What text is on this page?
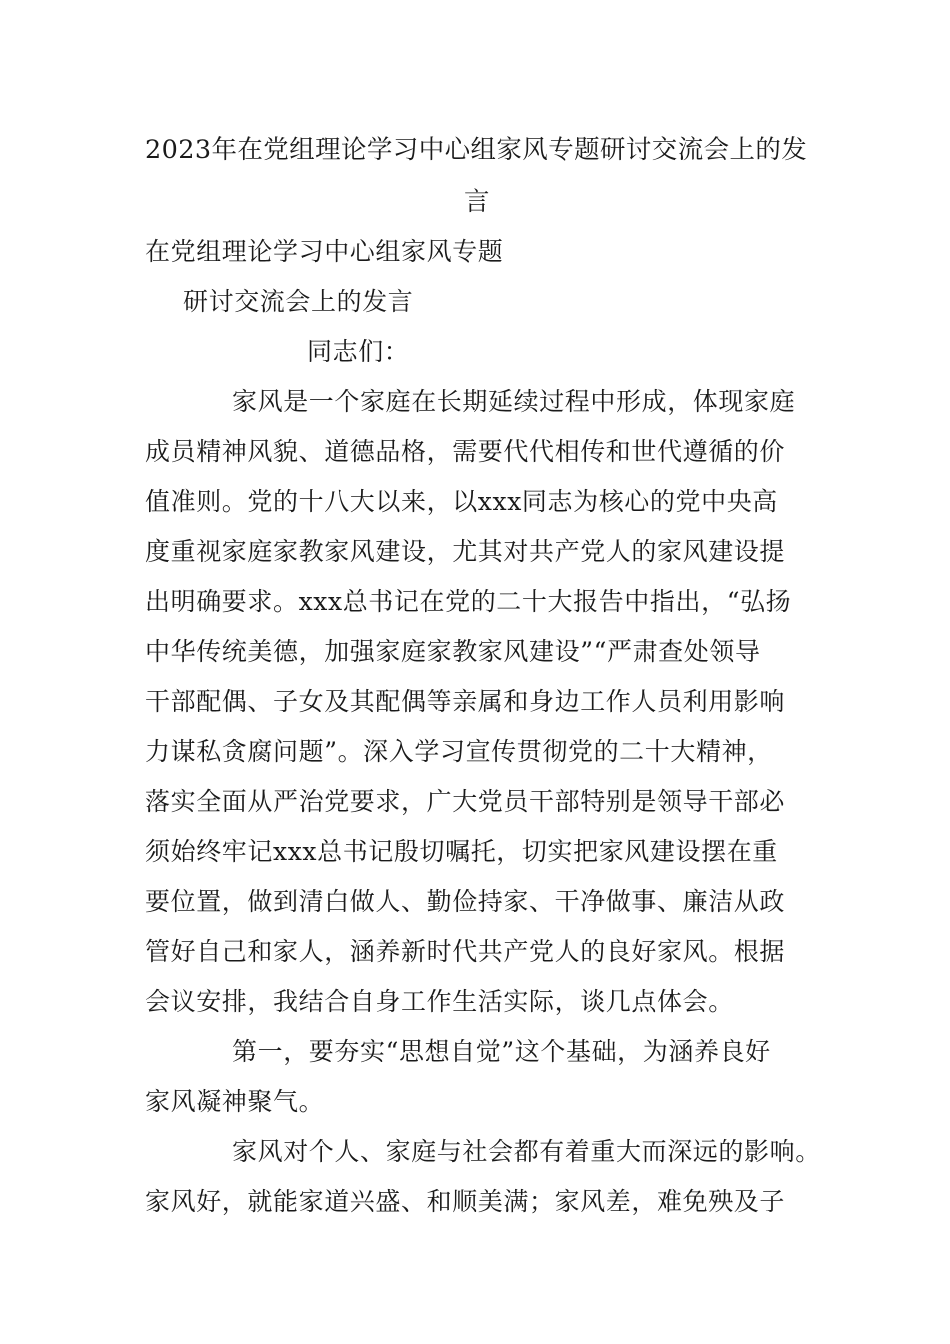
2023年在党组理论学习中心组家风专题研讨交流会上的发
言
在党组理论学习中心组家风专题
研讨交流会上的发言
同志们：
家风是一个家庭在长期延续过程中形成，体现家庭
成员精神风貌、道德品格，需要代代相传和世代遵循的价
值准则。党的十八大以来，以xxx同志为核心的党中央高
度重视家庭家教家风建设，尤其对共产党人的家风建设提
出明确要求。xxx总书记在党的二十大报告中指出，“弘扬
中华传统美德，加强家庭家教家风建设”“严肃查处领导
干部配偶、子女及其配偶等亲属和身边工作人员利用影响
力谋私贪腐问题”。深入学习宣传贯彻党的二十大精神，
落实全面从严治党要求，广大党员干部特别是领导干部必
须始终牢记xxx总书记殷切嘱托，切实把家风建设摆在重
要位置，做到清白做人、勤俭持家、干净做事、廉洁从政
管好自己和家人，涵养新时代共产党人的良好家风。根据
会议安排，我结合自身工作生活实际，谈几点体会。
第一，要夯实“思想自觉”这个基础，为涵养良好
家风凝神聚气。
家风对个人、家庭与社会都有着重大而深远的影响。
家风好，就能家道兴盛、和顺美满；家风差，难免殃及子
